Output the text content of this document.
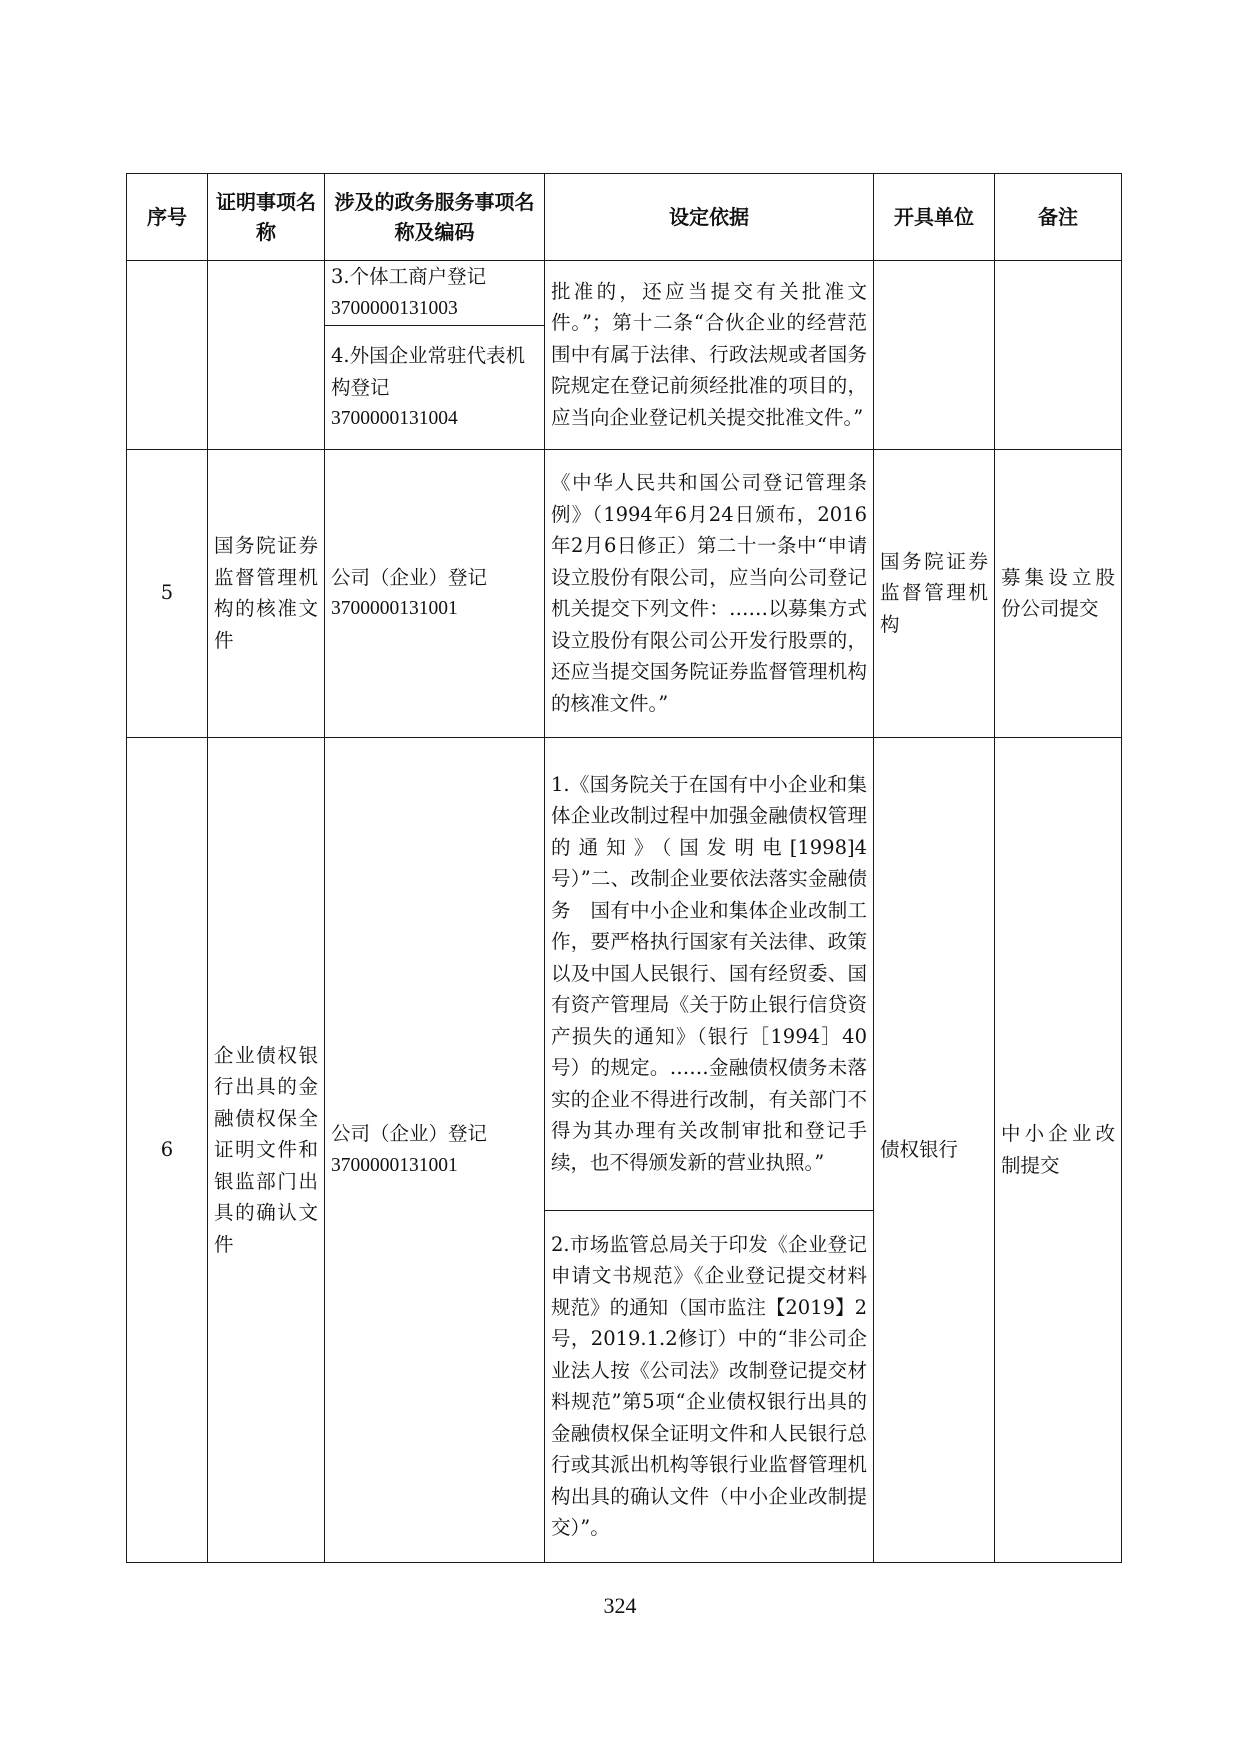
序号	证明事项名称	涉及的政务服务事项名称及编码	设定依据	开具单位	备注

		3.个体工商户登记
3700000131003	批准的，还应当提交有关批准文件。”；第十二条“合伙企业的经营范围中有属于法律、行政法规或者国务院规定在登记前须经批准的项目的，应当向企业登记机关提交批准文件。”		

		4.外国企业常驻代表机构登记
3700000131004			

5	国务院证券监督管理机构的核准文件	公司（企业）登记
3700000131001	《中华人民共和国公司登记管理条例》（1994年6月24日颁布，2016年2月6日修正）第二十一条中“申请设立股份有限公司，应当向公司登记机关提交下列文件：……以募集方式设立股份有限公司公开发行股票的，还应当提交国务院证券监督管理机构的核准文件。”	国务院证券监督管理机构	募集设立股份公司提交
6	企业债权银行出具的金融债权保全证明文件和银监部门出具的确认文件	公司（企业）登记
3700000131001	1.《国务院关于在国有中小企业和集体企业改制过程中加强金融债权管理的通知》（国发明电[1998]4号）”二、改制企业要依法落实金融债务　国有中小企业和集体企业改制工作，要严格执行国家有关法律、政策以及中国人民银行、国有经贸委、国有资产管理局《关于防止银行信贷资产损失的通知》（银行［1994］40号）的规定。……金融债权债务未落实的企业不得进行改制，有关部门不得为其办理有关改制审批和登记手续，也不得颁发新的营业执照。”	债权银行	中小企业改制提交
			2.市场监管总局关于印发《企业登记申请文书规范》《企业登记提交材料规范》的通知（国市监注【2019】2号，2019.1.2修订）中的“非公司企业法人按《公司法》改制登记提交材料规范”第5项“企业债权银行出具的金融债权保全证明文件和人民银行总行或其派出机构等银行业监督管理机构出具的确认文件（中小企业改制提交）”。		
324
